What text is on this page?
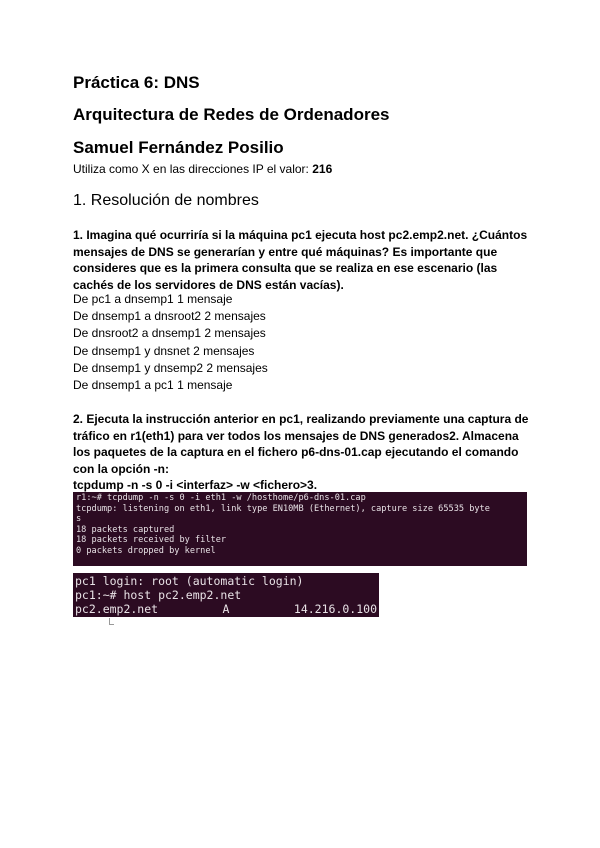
Práctica 6: DNS
Arquitectura de Redes de Ordenadores
Samuel Fernández Posilio
Utiliza como X en las direcciones IP el valor: 216
1. Resolución de nombres

1. Imagina qué ocurriría si la máquina pc1 ejecuta host pc2.emp2.net. ¿Cuántos mensajes de DNS se generarían y entre qué máquinas? Es importante que consideres que es la primera consulta que se realiza en ese escenario (las cachés de los servidores de DNS están vacías).

De pc1 a dnsemp1 1 mensaje
De dnsemp1 a dnsroot2 2 mensajes
De dnsroot2 a dnsemp1 2 mensajes
De dnsemp1 y dnsnet 2 mensajes
De dnsemp1 y dnsemp2 2 mensajes
De dnsemp1 a pc1 1 mensaje
2. Ejecuta la instrucción anterior en pc1, realizando previamente una captura de tráfico en r1(eth1) para ver todos los mensajes de DNS generados2. Almacena los paquetes de la captura en el fichero p6-dns-01.cap ejecutando el comando con la opción -n:
tcpdump -n -s 0 -i <interfaz> -w <fichero>3.
r1:~# tcpdump -n -s 0 -i eth1 -w /hosthome/p6-dns-01.cap
tcpdump: listening on eth1, link type EN10MB (Ethernet), capture size 65535 byte
s
18 packets captured
18 packets received by filter
0 packets dropped by kernel
pc1 login: root (automatic login)
pc1:~# host pc2.emp2.net
pc2.emp2.net	A	14.216.0.100
